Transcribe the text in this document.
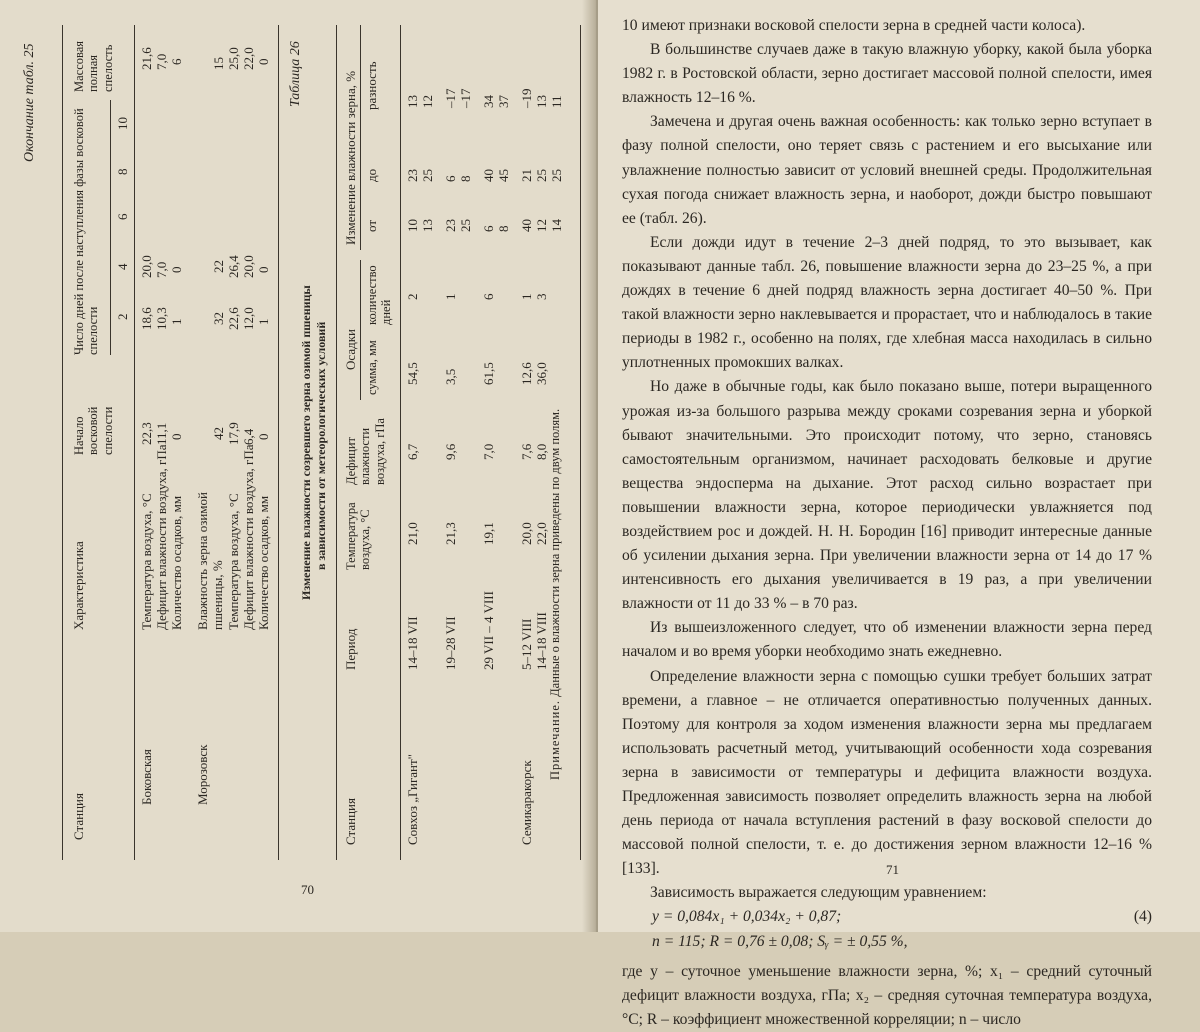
Окончание табл. 25
Станция
Характеристика
Начало восковой спелости
Число дней после наступления фазы восковой спелости
Массовая полная спелость
2
4
6
8
10
Боковская
Температура воздуха, °С
22,3
18,6
20,0
21,6
Дефицит влажности воздуха, гПа
11,1
10,3
7,0
7,0
Количество осадков, мм
0
1
0
6
Морозовск
Влажность зерна озимой пшеницы, %
42
32
22
15
Температура воздуха, °С
17,9
22,6
26,4
25,0
Дефицит влажности воздуха, гПа
6,4
12,0
20,0
22,0
Количество осадков, мм
0
1
0
0 Таблица 26
Изменение влажности созревшего зерна озимой пшеницы в зависимости от метеорологических условий
Станция
Период
Температура воздуха, °С
Дефицит влажности воздуха, гПа
Осадки сумма, мм
количество дней
Изменение влажности зерна, % от
до
разность
Совхоз „Гигант"
14–18 VII
21,0
6,7
54,5
2
10
23
13
13
25
12
19–28 VII
21,3
9,6
3,5
1
23
6
–17
25
8
–17
29 VII – 4 VIII
19,1
7,0
61,5
6
6
40
34
8
45
37
Семикаракорск
5–12 VIII
20,0
7,6
12,6
1
40
21
–19
14–18 VIII
22,0
8,0
36,0
3
12
25
13
14
25
11
Примечание. Данные о влажности зерна приведены по двум полям.
70

10 имеют признаки восковой спелости зерна в средней части колоса).

В большинстве случаев даже в такую влажную уборку, какой была уборка 1982 г. в Ростовской области, зерно достигает массовой полной спелости, имея влажность 12–16 %.

Замечена и другая очень важная особенность: как только зерно вступает в фазу полной спелости, оно теряет связь с растением и его высыхание или увлажнение полностью зависит от условий внешней среды. Продолжительная сухая погода снижает влажность зерна, и наоборот, дожди быстро повышают ее (табл. 26).

Если дожди идут в течение 2–3 дней подряд, то это вызывает, как показывают данные табл. 26, повышение влажности зерна до 23–25 %, а при дождях в течение 6 дней подряд влажность зерна достигает 40–50 %. При такой влажности зерно наклевывается и прорастает, что и наблюдалось в такие периоды в 1982 г., особенно на полях, где хлебная масса находилась в сильно уплотненных промокших валках.

Но даже в обычные годы, как было показано выше, потери выращенного урожая из-за большого разрыва между сроками созревания зерна и уборкой бывают значительными. Это происходит потому, что зерно, становясь самостоятельным организмом, начинает расходовать белковые и другие вещества эндосперма на дыхание. Этот расход сильно возрастает при повышении влажности зерна, которое периодически увлажняется под воздействием рос и дождей. Н. Н. Бородин [16] приводит интересные данные об усилении дыхания зерна. При увеличении влажности зерна от 14 до 17 % интенсивность его дыхания увеличивается в 19 раз, а при увеличении влажности от 11 до 33 % – в 70 раз.

Из вышеизложенного следует, что об изменении влажности зерна перед началом и во время уборки необходимо знать ежедневно.

Определение влажности зерна с помощью сушки требует больших затрат времени, а главное – не отличается оперативностью полученных данных. Поэтому для контроля за ходом изменения влажности зерна мы предлагаем использовать расчетный метод, учитывающий особенности хода созревания зерна в зависимости от температуры и дефицита влажности воздуха. Предложенная зависимость позволяет определить влажность зерна на любой день периода от начала вступления растений в фазу восковой спелости до массовой полной спелости, т. е. до достижения зерном влажности 12–16 % [133].

Зависимость выражается следующим уравнением:

y = 0,084x₁ + 0,034x₂ + 0,87;	(4)
n = 115; R = 0,76 ± 0,08; Sᵧ = ± 0,55 %,

где y – суточное уменьшение влажности зерна, %; x₁ – средний суточный дефицит влажности воздуха, гПа; x₂ – средняя суточная температура воздуха, °С; R – коэффициент множественной корреляции; n – число

71
